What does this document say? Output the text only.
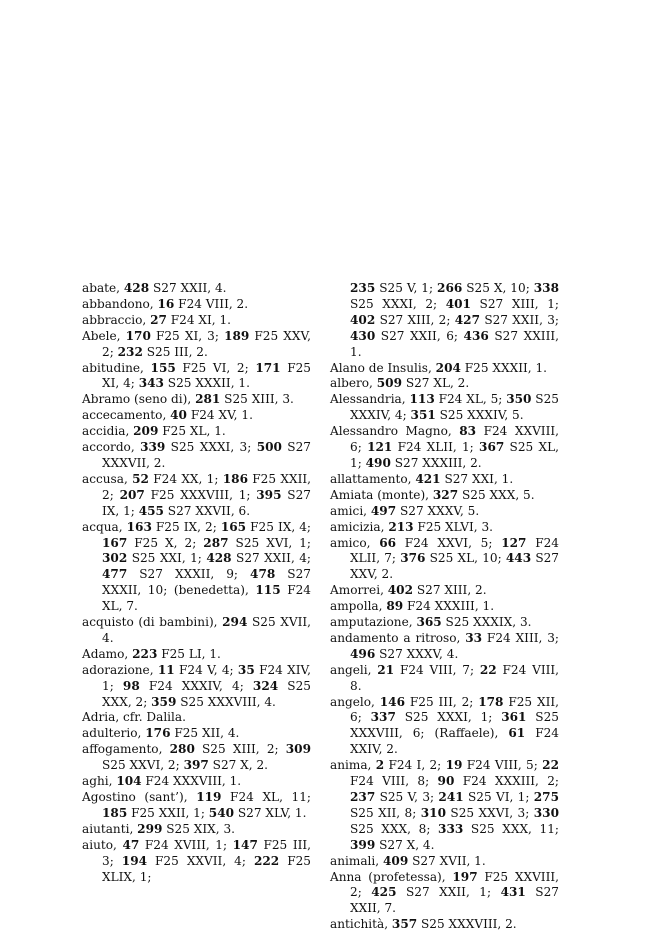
abate, 428 S27 XXII, 4.

abbandono, 16 F24 VIII, 2.

abbraccio, 27 F24 XI, 1.

Abele, 170 F25 XI, 3; 189 F25 XXV, 2; 232 S25 III, 2.

abitudine, 155 F25 VI, 2; 171 F25 XI, 4; 343 S25 XXXII, 1.

Abramo (seno di), 281 S25 XIII, 3.

accecamento, 40 F24 XV, 1.

accidia, 209 F25 XL, 1.

accordo, 339 S25 XXXI, 3; 500 S27 XXXVII, 2.

accusa, 52 F24 XX, 1; 186 F25 XXII, 2; 207 F25 XXXVIII, 1; 395 S27 IX, 1; 455 S27 XXVII, 6.

acqua, 163 F25 IX, 2; 165 F25 IX, 4; 167 F25 X, 2; 287 S25 XVI, 1; 302 S25 XXI, 1; 428 S27 XXII, 4; 477 S27 XXXII, 9; 478 S27 XXXII, 10; (benedetta), 115 F24 XL, 7.

acquisto (di bambini), 294 S25 XVII, 4.

Adamo, 223 F25 LI, 1.

adorazione, 11 F24 V, 4; 35 F24 XIV, 1; 98 F24 XXXIV, 4; 324 S25 XXX, 2; 359 S25 XXXVIII, 4.

Adria, cfr. Dalila.

adulterio, 176 F25 XII, 4.

affogamento, 280 S25 XIII, 2; 309 S25 XXVI, 2; 397 S27 X, 2.

aghi, 104 F24 XXXVIII, 1.

Agostino (sant’), 119 F24 XL, 11; 185 F25 XXII, 1; 540 S27 XLV, 1.

aiutanti, 299 S25 XIX, 3.

aiuto, 47 F24 XVIII, 1; 147 F25 III, 3; 194 F25 XXVII, 4; 222 F25 XLIX, 1;

235 S25 V, 1; 266 S25 X, 10; 338 S25 XXXI, 2; 401 S27 XIII, 1; 402 S27 XIII, 2; 427 S27 XXII, 3; 430 S27 XXII, 6; 436 S27 XXIII, 1.

Alano de Insulis, 204 F25 XXXII, 1.

albero, 509 S27 XL, 2.

Alessandria, 113 F24 XL, 5; 350 S25 XXXIV, 4; 351 S25 XXXIV, 5.

Alessandro Magno, 83 F24 XXVIII, 6; 121 F24 XLII, 1; 367 S25 XL, 1; 490 S27 XXXIII, 2.

allattamento, 421 S27 XXI, 1.

Amiata (monte), 327 S25 XXX, 5.

amici, 497 S27 XXXV, 5.

amicizia, 213 F25 XLVI, 3.

amico, 66 F24 XXVI, 5; 127 F24 XLII, 7; 376 S25 XL, 10; 443 S27 XXV, 2.

Amorrei, 402 S27 XIII, 2.

ampolla, 89 F24 XXXIII, 1.

amputazione, 365 S25 XXXIX, 3.

andamento a ritroso, 33 F24 XIII, 3; 496 S27 XXXV, 4.

angeli, 21 F24 VIII, 7; 22 F24 VIII, 8.

angelo, 146 F25 III, 2; 178 F25 XII, 6; 337 S25 XXXI, 1; 361 S25 XXXVIII, 6; (Raffaele), 61 F24 XXIV, 2.

anima, 2 F24 I, 2; 19 F24 VIII, 5; 22 F24 VIII, 8; 90 F24 XXXIII, 2; 237 S25 V, 3; 241 S25 VI, 1; 275 S25 XII, 8; 310 S25 XXVI, 3; 330 S25 XXX, 8; 333 S25 XXX, 11; 399 S27 X, 4.

animali, 409 S27 XVII, 1.

Anna (profetessa), 197 F25 XXVIII, 2; 425 S27 XXII, 1; 431 S27 XXII, 7.

antichità, 357 S25 XXXVIII, 2.
